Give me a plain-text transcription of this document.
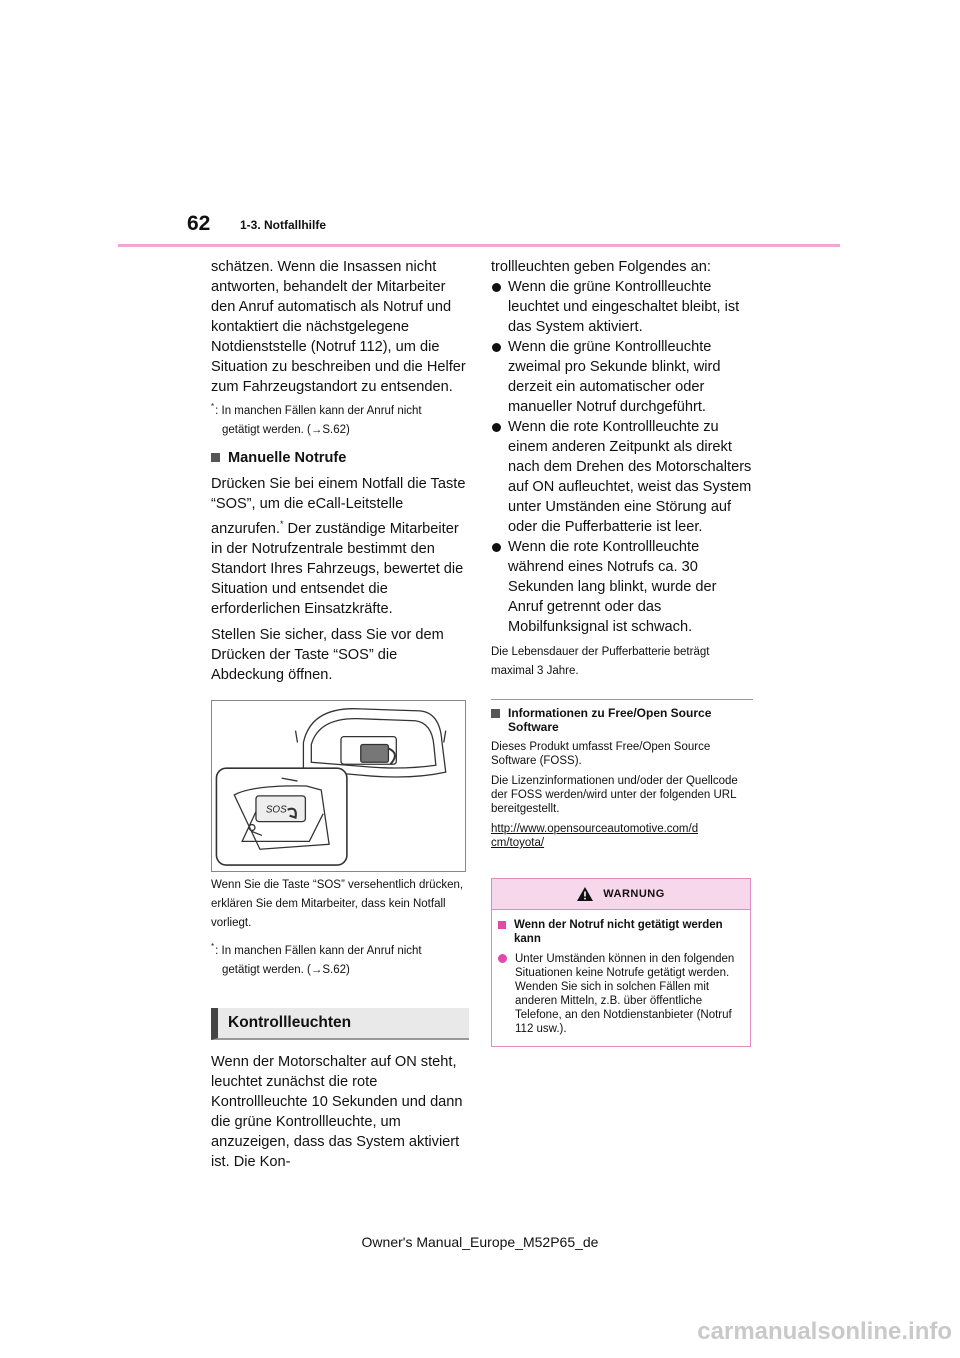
62 1-3. Notfallhilfe

schätzen. Wenn die Insassen nicht antworten, behandelt der Mitarbeiter den Anruf automatisch als Notruf und kontaktiert die nächstgelegene Notdienststelle (Notruf 112), um die Situation zu beschreiben und die Helfer zum Fahrzeugstandort zu entsenden.

*: In manchen Fällen kann der Anruf nicht

getätigt werden. (→S.62)

Manuelle Notrufe

Drücken Sie bei einem Notfall die Taste “SOS”, um die eCall-Leitstelle anzurufen.* Der zuständige Mitarbeiter in der Notrufzentrale bestimmt den Standort Ihres Fahrzeugs, bewertet die Situation und entsendet die erforderlichen Einsatzkräfte.

Stellen Sie sicher, dass Sie vor dem Drücken der Taste “SOS” die Abdeckung öffnen.

SOS

Wenn Sie die Taste “SOS” versehentlich drücken, erklären Sie dem Mitarbeiter, dass kein Notfall vorliegt.

*: In manchen Fällen kann der Anruf nicht

getätigt werden. (→S.62)

Kontrollleuchten

Wenn der Motorschalter auf ON steht, leuchtet zunächst die rote Kontrollleuchte 10 Sekunden und dann die grüne Kontrollleuchte, um anzuzeigen, dass das System aktiviert ist. Die Kon-

trollleuchten geben Folgendes an:

Wenn die grüne Kontrollleuchte leuchtet und eingeschaltet bleibt, ist das System aktiviert.
Wenn die grüne Kontrollleuchte zweimal pro Sekunde blinkt, wird derzeit ein automatischer oder manueller Notruf durchgeführt.
Wenn die rote Kontrollleuchte zu einem anderen Zeitpunkt als direkt nach dem Drehen des Motorschalters auf ON aufleuchtet, weist das System unter Umständen eine Störung auf oder die Pufferbatterie ist leer.
Wenn die rote Kontrollleuchte während eines Notrufs ca. 30 Sekunden lang blinkt, wurde der Anruf getrennt oder das Mobilfunksignal ist schwach.

Die Lebensdauer der Pufferbatterie beträgt maximal 3 Jahre.

Informationen zu Free/Open Source Software

Dieses Produkt umfasst Free/Open Source Software (FOSS).

Die Lizenzinformationen und/oder der Quellcode der FOSS werden/wird unter der folgenden URL bereitgestellt.

http://www.opensourceautomotive.com/dcm/toyota/

WARNUNG
Wenn der Notruf nicht getätigt werden kann
Unter Umständen können in den folgenden Situationen keine Notrufe getätigt werden. Wenden Sie sich in solchen Fällen mit anderen Mitteln, z.B. über öffentliche Telefone, an den Notdienstanbieter (Notruf 112 usw.).
Owner's Manual_Europe_M52P65_de
carmanualsonline.info
